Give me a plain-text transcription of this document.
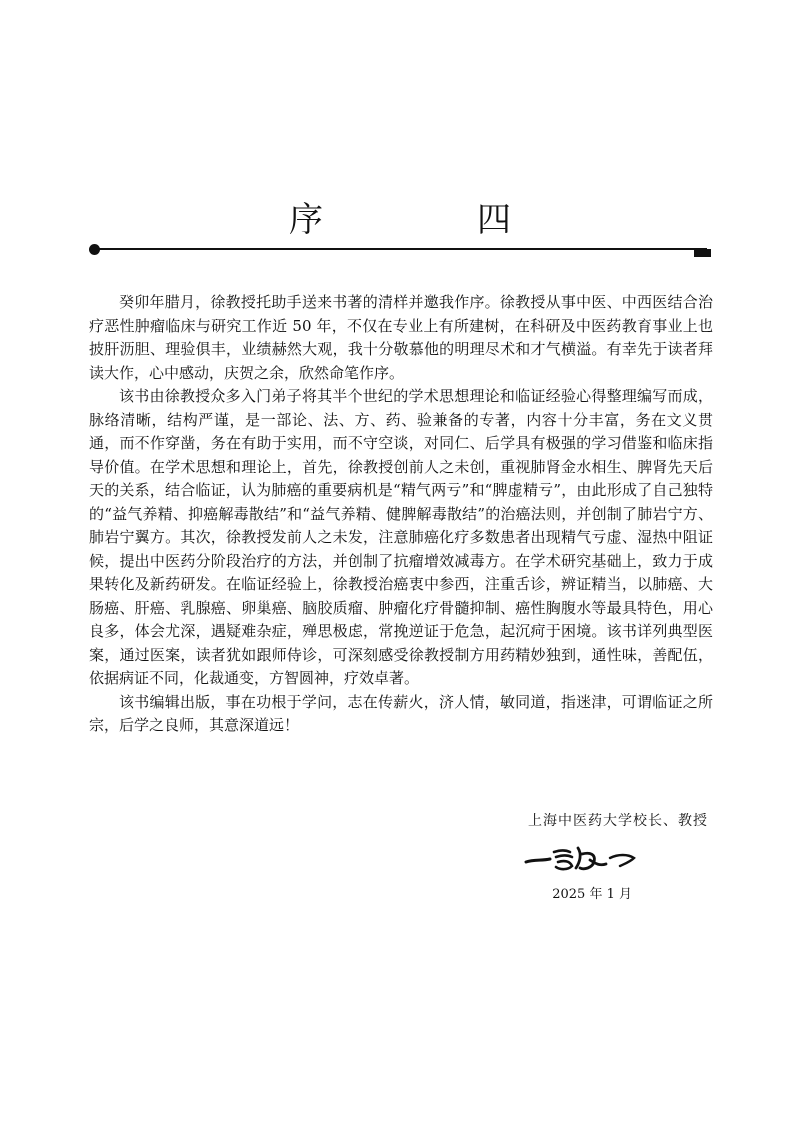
序　四

癸卯年腊月，徐教授托助手送来书著的清样并邀我作序。徐教授从事中医、中西医结合治疗恶性肿瘤临床与研究工作近 50 年，不仅在专业上有所建树，在科研及中医药教育事业上也披肝沥胆、理验俱丰，业绩赫然大观，我十分敬慕他的明理尽术和才气横溢。有幸先于读者拜读大作，心中感动，庆贺之余，欣然命笔作序。

该书由徐教授众多入门弟子将其半个世纪的学术思想理论和临证经验心得整理编写而成，脉络清晰，结构严谨，是一部论、法、方、药、验兼备的专著，内容十分丰富，务在文义贯通，而不作穿凿，务在有助于实用，而不守空谈，对同仁、后学具有极强的学习借鉴和临床指导价值。在学术思想和理论上，首先，徐教授创前人之未创，重视肺肾金水相生、脾肾先天后天的关系，结合临证，认为肺癌的重要病机是“精气两亏”和“脾虚精亏”，由此形成了自己独特的“益气养精、抑癌解毒散结”和“益气养精、健脾解毒散结”的治癌法则，并创制了肺岩宁方、肺岩宁翼方。其次，徐教授发前人之未发，注意肺癌化疗多数患者出现精气亏虚、湿热中阻证候，提出中医药分阶段治疗的方法，并创制了抗瘤增效减毒方。在学术研究基础上，致力于成果转化及新药研发。在临证经验上，徐教授治癌衷中参西，注重舌诊，辨证精当，以肺癌、大肠癌、肝癌、乳腺癌、卵巢癌、脑胶质瘤、肿瘤化疗骨髓抑制、癌性胸腹水等最具特色，用心良多，体会尤深，遇疑难杂症，殚思极虑，常挽逆证于危急，起沉疴于困境。该书详列典型医案，通过医案，读者犹如跟师侍诊，可深刻感受徐教授制方用药精妙独到，通性味，善配伍，依据病证不同，化裁通变，方智圆神，疗效卓著。

该书编辑出版，事在功根于学问，志在传薪火，济人情，敏同道，指迷津，可谓临证之所宗，后学之良师，其意深道远！

上海中医药大学校长、教授
2025 年 1 月
